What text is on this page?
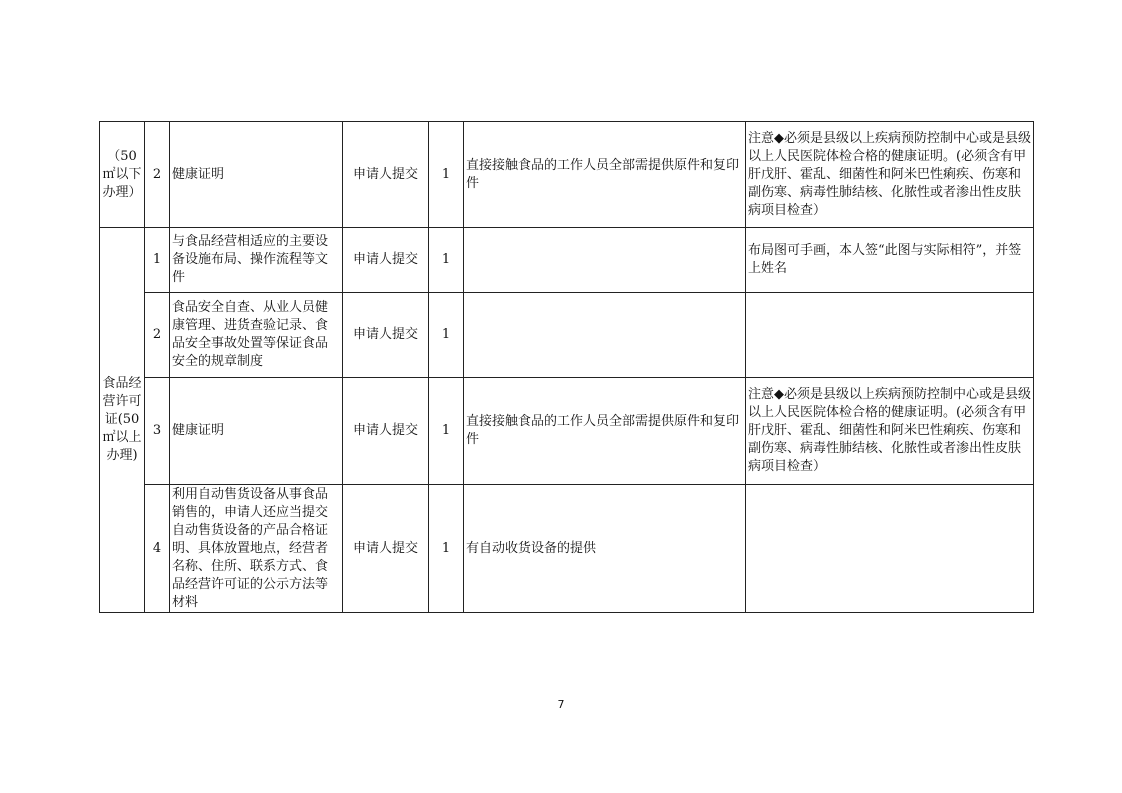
（50 ㎡以下办理）	2	健康证明	申请人提交	1	直接接触食品的工作人员全部需提供原件和复印件	注意◆必须是县级以上疾病预防控制中心或是县级以上人民医院体检合格的健康证明。(必须含有甲肝戊肝、霍乱、细菌性和阿米巴性痢疾、伤寒和副伤寒、病毒性肺结核、化脓性或者渗出性皮肤病项目检查）
食品经营许可证(50 ㎡以上办理)	1	与食品经营相适应的主要设备设施布局、操作流程等文件	申请人提交	1		布局图可手画，本人签“此图与实际相符”，并签上姓名
	2	食品安全自查、从业人员健康管理、进货查验记录、食品安全事故处置等保证食品安全的规章制度	申请人提交	1		
	3	健康证明	申请人提交	1	直接接触食品的工作人员全部需提供原件和复印件	注意◆必须是县级以上疾病预防控制中心或是县级以上人民医院体检合格的健康证明。(必须含有甲肝戊肝、霍乱、细菌性和阿米巴性痢疾、伤寒和副伤寒、病毒性肺结核、化脓性或者渗出性皮肤病项目检查）
	4	利用自动售货设备从事食品销售的，申请人还应当提交自动售货设备的产品合格证明、具体放置地点，经营者名称、住所、联系方式、食品经营许可证的公示方法等材料	申请人提交	1	有自动收货设备的提供	
7
